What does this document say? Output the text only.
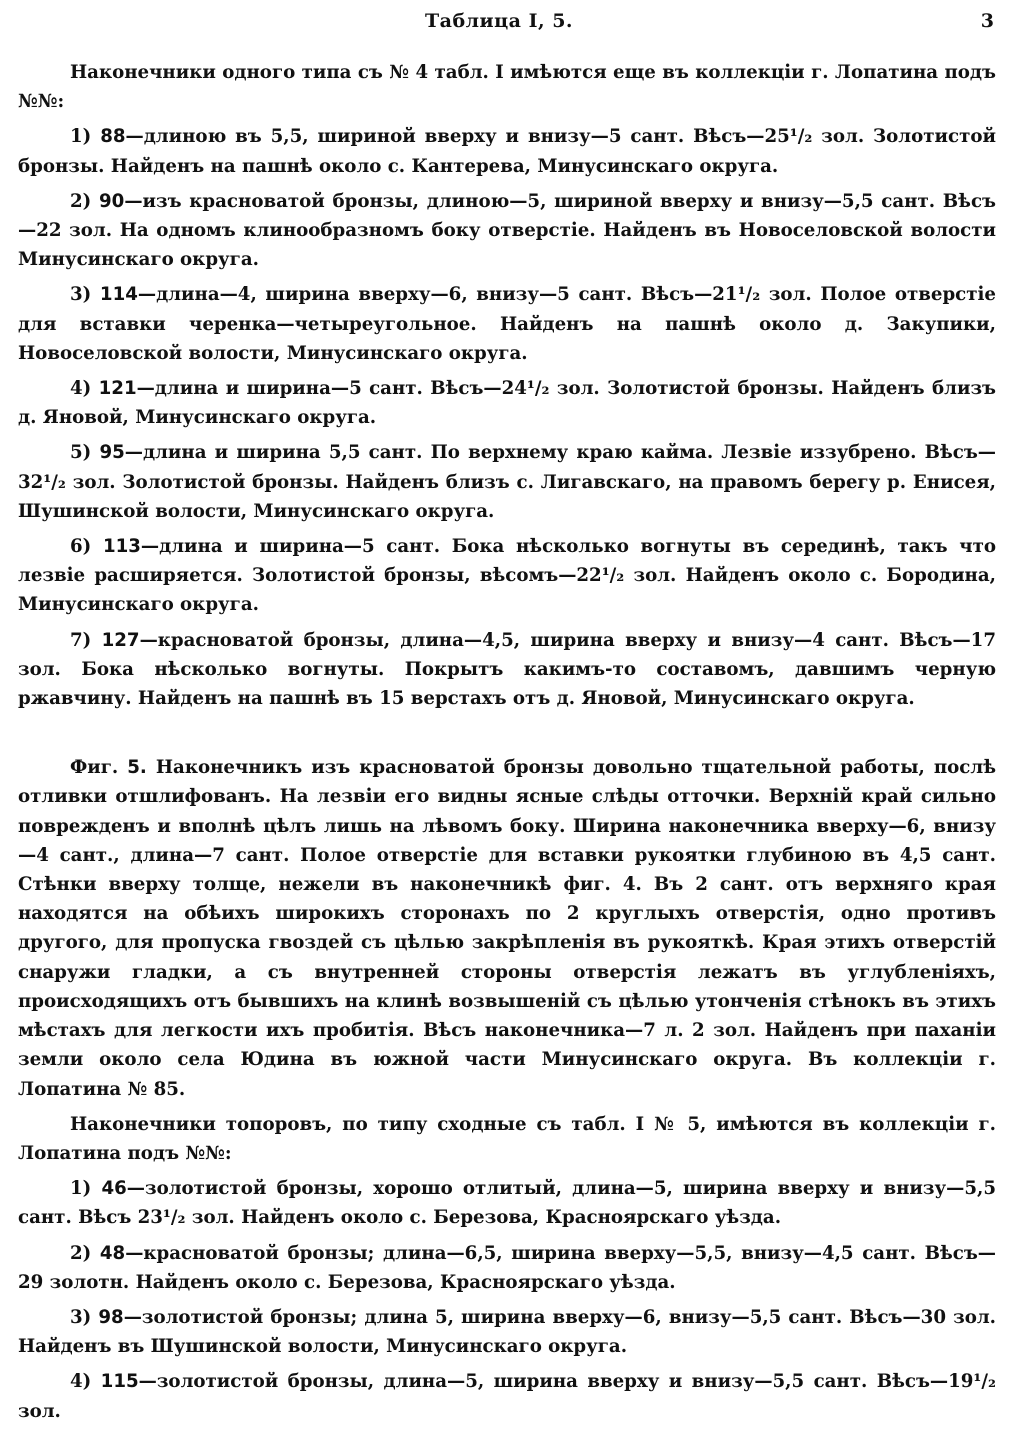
Таблица I, 5.	3

Наконечники одного типа съ № 4 табл. I имѣются еще въ коллекціи г. Лопатина подъ №№:

1) 88—длиною въ 5,5, шириной вверху и внизу—5 сант. Вѣсъ—25¹/₂ зол. Золотистой бронзы. Найденъ на пашнѣ около с. Кантерева, Минусинскаго округа.

2) 90—изъ красноватой бронзы, длиною—5, шириной вверху и внизу—5,5 сант. Вѣсъ—22 зол. На одномъ клинообразномъ боку отверстіе. Найденъ въ Новоселовской волости Минусинскаго округа.

3) 114—длина—4, ширина вверху—6, внизу—5 сант. Вѣсъ—21¹/₂ зол. Полое отверстіе для вставки черенка—четыреугольное. Найденъ на пашнѣ около д. Закупики, Новоселовской волости, Минусинскаго округа.

4) 121—длина и ширина—5 сант. Вѣсъ—24¹/₂ зол. Золотистой бронзы. Найденъ близъ д. Яновой, Минусинскаго округа.

5) 95—длина и ширина 5,5 сант. По верхнему краю кайма. Лезвіе иззубрено. Вѣсъ—32¹/₂ зол. Золотистой бронзы. Найденъ близъ с. Лигавскаго, на правомъ берегу р. Енисея, Шушинской волости, Минусинскаго округа.

6) 113—длина и ширина—5 сант. Бока нѣсколько вогнуты въ серединѣ, такъ что лезвіе расширяется. Золотистой бронзы, вѣсомъ—22¹/₂ зол. Найденъ около с. Бородина, Минусинскаго округа.

7) 127—красноватой бронзы, длина—4,5, ширина вверху и внизу—4 сант. Вѣсъ—17 зол. Бока нѣсколько вогнуты. Покрытъ какимъ-то составомъ, давшимъ черную ржавчину. Найденъ на пашнѣ въ 15 верстахъ отъ д. Яновой, Минусинскаго округа.

Фиг. 5. Наконечникъ изъ красноватой бронзы довольно тщательной работы, послѣ отливки отшлифованъ. На лезвіи его видны ясные слѣды отточки. Верхній край сильно поврежденъ и вполнѣ цѣлъ лишь на лѣвомъ боку. Ширина наконечника вверху—6, внизу—4 сант., длина—7 сант. Полое отверстіе для вставки рукоятки глубиною въ 4,5 сант. Стѣнки вверху толще, нежели въ наконечникѣ фиг. 4. Въ 2 сант. отъ верхняго края находятся на обѣихъ широкихъ сторонахъ по 2 круглыхъ отверстія, одно противъ другого, для пропуска гвоздей съ цѣлью закрѣпленія въ рукояткѣ. Края этихъ отверстій снаружи гладки, а съ внутренней стороны отверстія лежатъ въ углубленіяхъ, происходящихъ отъ бывшихъ на клинѣ возвышеній съ цѣлью утонченія стѣнокъ въ этихъ мѣстахъ для легкости ихъ пробитія. Вѣсъ наконечника—7 л. 2 зол. Найденъ при паханіи земли около села Юдина въ южной части Минусинскаго округа. Въ коллекціи г. Лопатина № 85.

Наконечники топоровъ, по типу сходные съ табл. I № 5, имѣются въ коллекціи г. Лопатина подъ №№:

1) 46—золотистой бронзы, хорошо отлитый, длина—5, ширина вверху и внизу—5,5 сант. Вѣсъ 23¹/₂ зол. Найденъ около с. Березова, Красноярскаго уѣзда.

2) 48—красноватой бронзы; длина—6,5, ширина вверху—5,5, внизу—4,5 сант. Вѣсъ—29 золотн. Найденъ около с. Березова, Красноярскаго уѣзда.

3) 98—золотистой бронзы; длина 5, ширина вверху—6, внизу—5,5 сант. Вѣсъ—30 зол. Найденъ въ Шушинской волости, Минусинскаго округа.

4) 115—золотистой бронзы, длина—5, ширина вверху и внизу—5,5 сант. Вѣсъ—19¹/₂ зол.
